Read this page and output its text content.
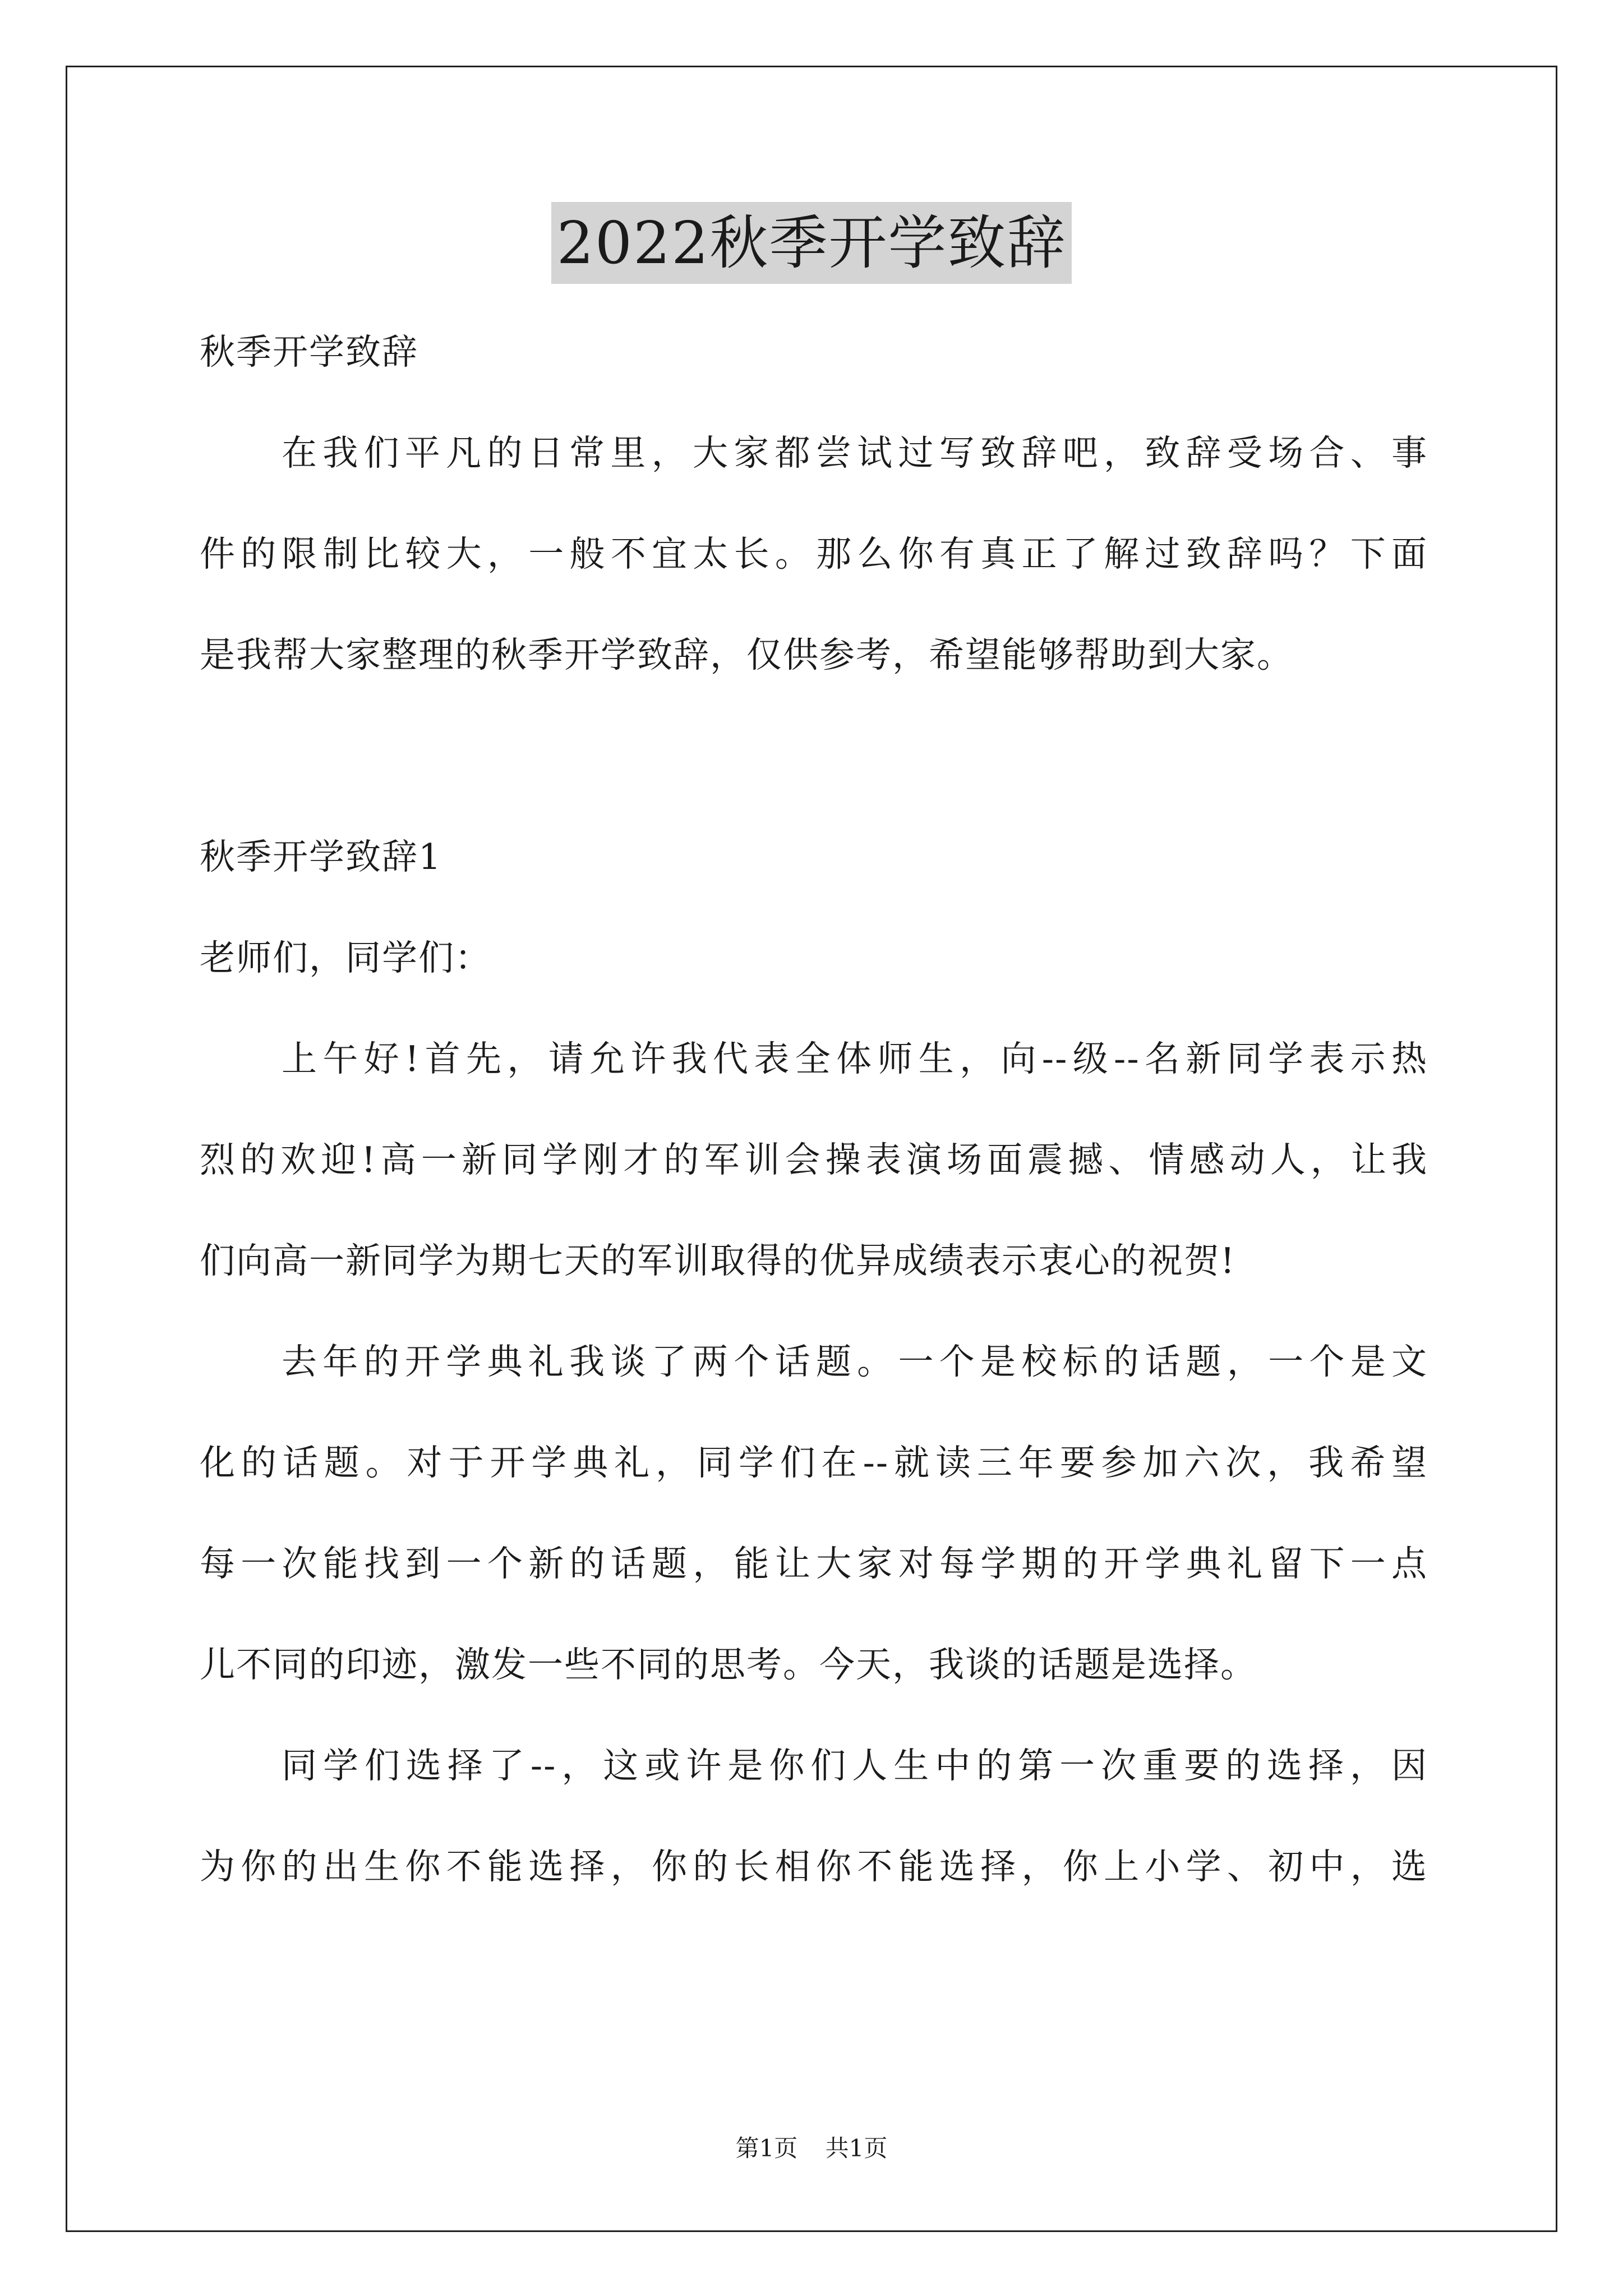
2022秋季开学致辞
秋季开学致辞
在我们平凡的日常里，大家都尝试过写致辞吧，致辞受场合、事
件的限制比较大，一般不宜太长。那么你有真正了解过致辞吗？下面
是我帮大家整理的秋季开学致辞，仅供参考，希望能够帮助到大家。
秋季开学致辞1
老师们，同学们：
上午好!首先，请允许我代表全体师生，向--级--名新同学表示热
烈的欢迎!高一新同学刚才的军训会操表演场面震撼、情感动人，让我
们向高一新同学为期七天的军训取得的优异成绩表示衷心的祝贺!
去年的开学典礼我谈了两个话题。一个是校标的话题，一个是文
化的话题。对于开学典礼，同学们在--就读三年要参加六次，我希望
每一次能找到一个新的话题，能让大家对每学期的开学典礼留下一点
儿不同的印迹，激发一些不同的思考。今天，我谈的话题是选择。
同学们选择了--，这或许是你们人生中的第一次重要的选择，因
为你的出生你不能选择，你的长相你不能选择，你上小学、初中，选
第1页 共1页
